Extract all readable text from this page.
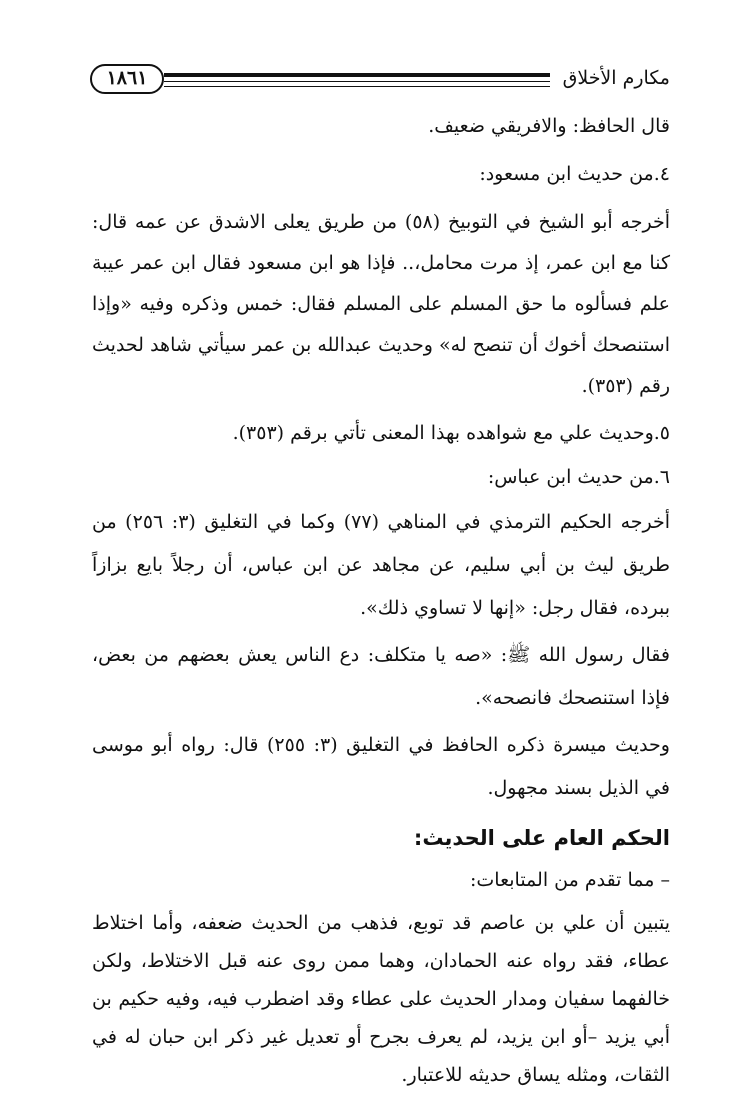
١٨٦١	مكارم الأخلاق

قال الحافظ: والافريقي ضعيف.

٤.من حديث ابن مسعود:

أخرجه أبو الشيخ في التوبيخ (٥٨) من طريق يعلى الاشدق عن عمه قال: كنا مع ابن عمر، إذ مرت محامل،.. فإذا هو ابن مسعود فقال ابن عمر عيبة علم فسألوه ما حق المسلم على المسلم فقال: خمس وذكره وفيه «وإذا استنصحك أخوك أن تنصح له» وحديث عبدالله بن عمر سيأتي شاهد لحديث رقم (٣٥٣).

٥.وحديث علي مع شواهده بهذا المعنى تأتي برقم (٣٥٣).

٦.من حديث ابن عباس:

أخرجه الحكيم الترمذي في المناهي (٧٧) وكما في التغليق (٣: ٢٥٦) من طريق ليث بن أبي سليم، عن مجاهد عن ابن عباس، أن رجلاً بايع بزازاً ببرده، فقال رجل: «إنها لا تساوي ذلك».

فقال رسول الله ﷺ: «صه يا متكلف: دع الناس يعش بعضهم من بعض، فإذا استنصحك فانصحه».

وحديث ميسرة ذكره الحافظ في التغليق (٣: ٢٥٥) قال: رواه أبو موسى في الذيل بسند مجهول.

الحكم العام على الحديث:

– مما تقدم من المتابعات:

يتبين أن علي بن عاصم قد توبع، فذهب من الحديث ضعفه، وأما اختلاط عطاء، فقد رواه عنه الحمادان، وهما ممن روى عنه قبل الاختلاط، ولكن خالفهما سفيان ومدار الحديث على عطاء وقد اضطرب فيه، وفيه حكيم بن أبي يزيد –أو ابن يزيد، لم يعرف بجرح أو تعديل غير ذكر ابن حبان له في الثقات، ومثله يساق حديثه للاعتبار.
